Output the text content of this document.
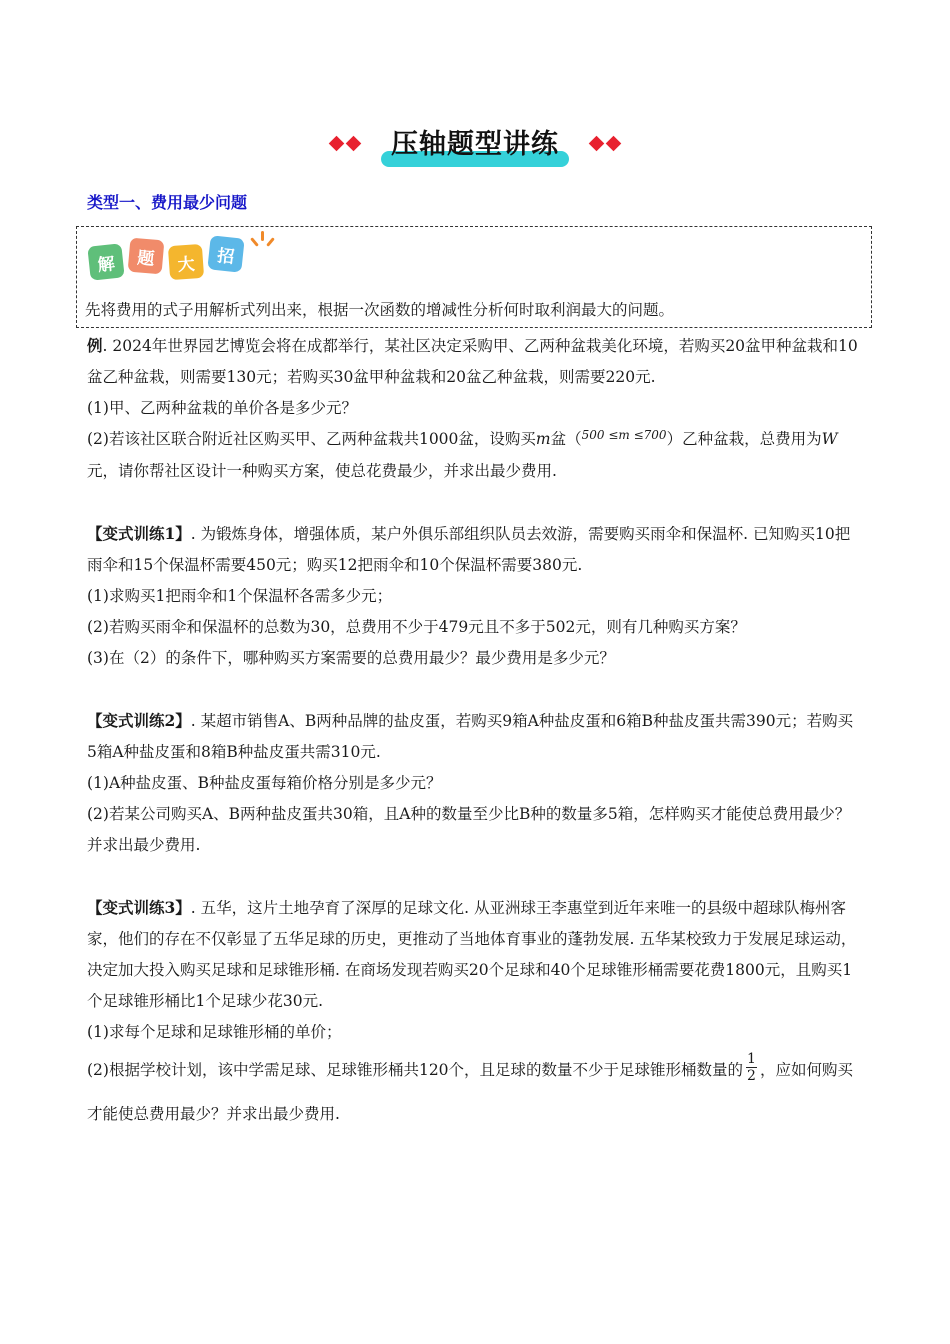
压轴题型讲练
类型一、费用最少问题
解	题	大	招
先将费用的式子用解析式列出来，根据一次函数的增减性分析何时取利润最大的问题。

例. 2024年世界园艺博览会将在成都举行，某社区决定采购甲、乙两种盆栽美化环境，若购买20盆甲种盆栽和10盆乙种盆栽，则需要130元；若购买30盆甲种盆栽和20盆乙种盆栽，则需要220元.

(1)甲、乙两种盆栽的单价各是多少元？

(2)若该社区联合附近社区购买甲、乙两种盆栽共1000盆，设购买m盆（$^{500 \le m \le 700}$）乙种盆栽，总费用为W元，请你帮社区设计一种购买方案，使总花费最少，并求出最少费用.

【变式训练1】. 为锻炼身体，增强体质，某户外俱乐部组织队员去效游，需要购买雨伞和保温杯. 已知购买10把雨伞和15个保温杯需要450元；购买12把雨伞和10个保温杯需要380元.

(1)求购买1把雨伞和1个保温杯各需多少元；

(2)若购买雨伞和保温杯的总数为30，总费用不少于479元且不多于502元，则有几种购买方案？

(3)在（2）的条件下，哪种购买方案需要的总费用最少？最少费用是多少元？

【变式训练2】. 某超市销售A、B两种品牌的盐皮蛋，若购买9箱A种盐皮蛋和6箱B种盐皮蛋共需390元；若购买5箱A种盐皮蛋和8箱B种盐皮蛋共需310元.

(1)A种盐皮蛋、B种盐皮蛋每箱价格分别是多少元？

(2)若某公司购买A、B两种盐皮蛋共30箱，且A种的数量至少比B种的数量多5箱，怎样购买才能使总费用最少？并求出最少费用.

【变式训练3】. 五华，这片土地孕育了深厚的足球文化. 从亚洲球王李惠堂到近年来唯一的县级中超球队梅州客家，他们的存在不仅彰显了五华足球的历史，更推动了当地体育事业的蓬勃发展. 五华某校致力于发展足球运动，决定加大投入购买足球和足球锥形桶. 在商场发现若购买20个足球和40个足球锥形桶需要花费1800元，且购买1个足球锥形桶比1个足球少花30元.

(1)求每个足球和足球锥形桶的单价；

(2)根据学校计划，该中学需足球、足球锥形桶共120个，且足球的数量不少于足球锥形桶数量的 $\frac{1}{2}$ ，应如何购买才能使总费用最少？并求出最少费用.
